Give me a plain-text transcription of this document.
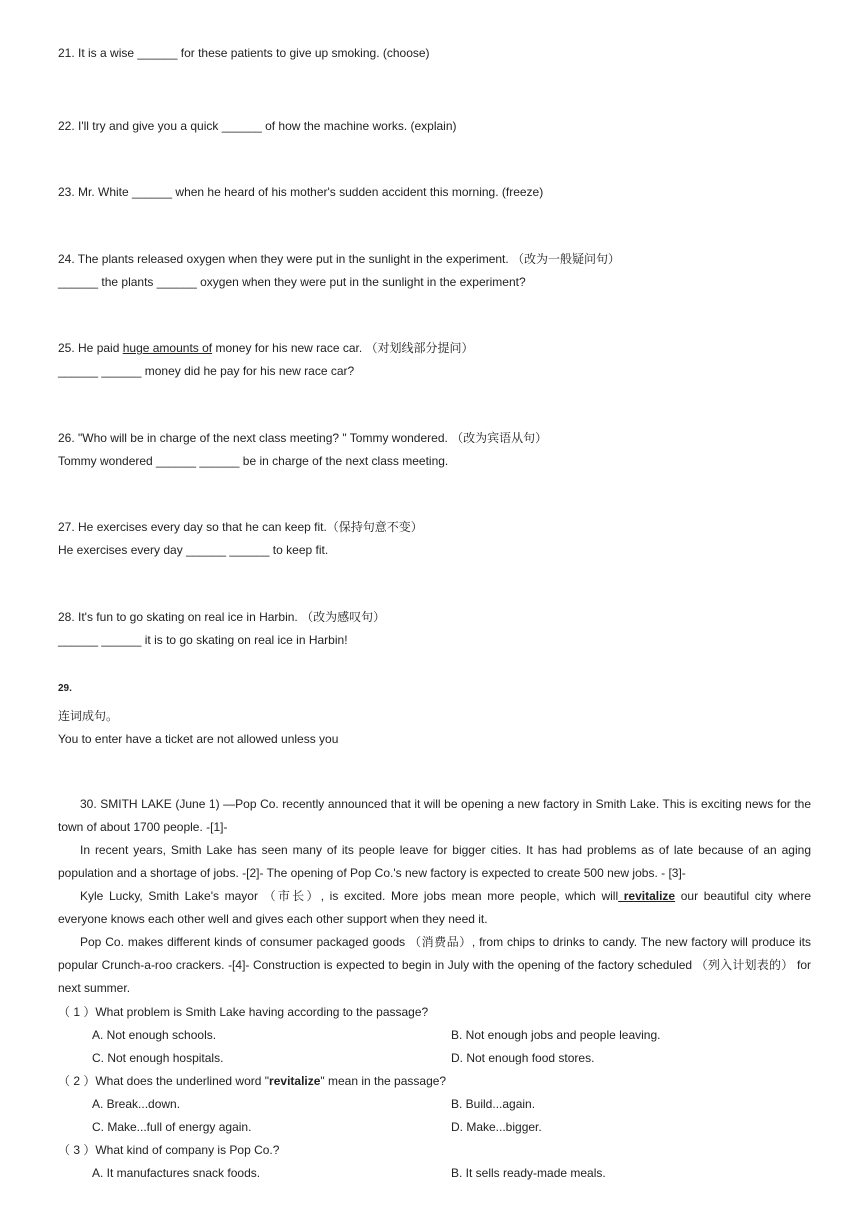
21. It is a wise ______ for these patients to give up smoking. (choose)
22. I'll try and give you a quick ______ of how the machine works. (explain)
23. Mr. White ______ when he heard of his mother's sudden accident this morning. (freeze)
24. The plants released oxygen when they were put in the sunlight in the experiment. （改为一般疑问句）
______ the plants ______ oxygen when they were put in the sunlight in the experiment?
25. He paid huge amounts of money for his new race car. （对划线部分提问）
______ ______ money did he pay for his new race car?
26. "Who will be in charge of the next class meeting? " Tommy wondered. （改为宾语从句）
Tommy wondered ______ ______ be in charge of the next class meeting.
27. He exercises every day so that he can keep fit.（保持句意不变）
He exercises every day ______ ______ to keep fit.
28. It's fun to go skating on real ice in Harbin. （改为感叹句）
______ ______ it is to go skating on real ice in Harbin!
29.
连词成句。
You to enter have a ticket are not allowed unless you

30. SMITH LAKE (June 1) —Pop Co. recently announced that it will be opening a new factory in Smith Lake. This is exciting news for the town of about 1700 people. -[1]-

In recent years, Smith Lake has seen many of its people leave for bigger cities. It has had problems as of late because of an aging population and a shortage of jobs. -[2]- The opening of Pop Co.'s new factory is expected to create 500 new jobs. - [3]-

Kyle Lucky, Smith Lake's mayor （市长）, is excited. More jobs mean more people, which will revitalize our beautiful city where everyone knows each other well and gives each other support when they need it.

Pop Co. makes different kinds of consumer packaged goods （消费品）, from chips to drinks to candy. The new factory will produce its popular Crunch-a-roo crackers. -[4]- Construction is expected to begin in July with the opening of the factory scheduled （列入计划表的） for next summer.

（ 1 ）What problem is Smith Lake having according to the passage?
A. Not enough schools.	B. Not enough jobs and people leaving.
C. Not enough hospitals.	D. Not enough food stores.
（ 2 ）What does the underlined word "revitalize" mean in the passage?
A. Break...down.	B. Build...again.
C. Make...full of energy again.	D. Make...bigger.
（ 3 ）What kind of company is Pop Co.?
A. It manufactures snack foods.	B. It sells ready-made meals.
